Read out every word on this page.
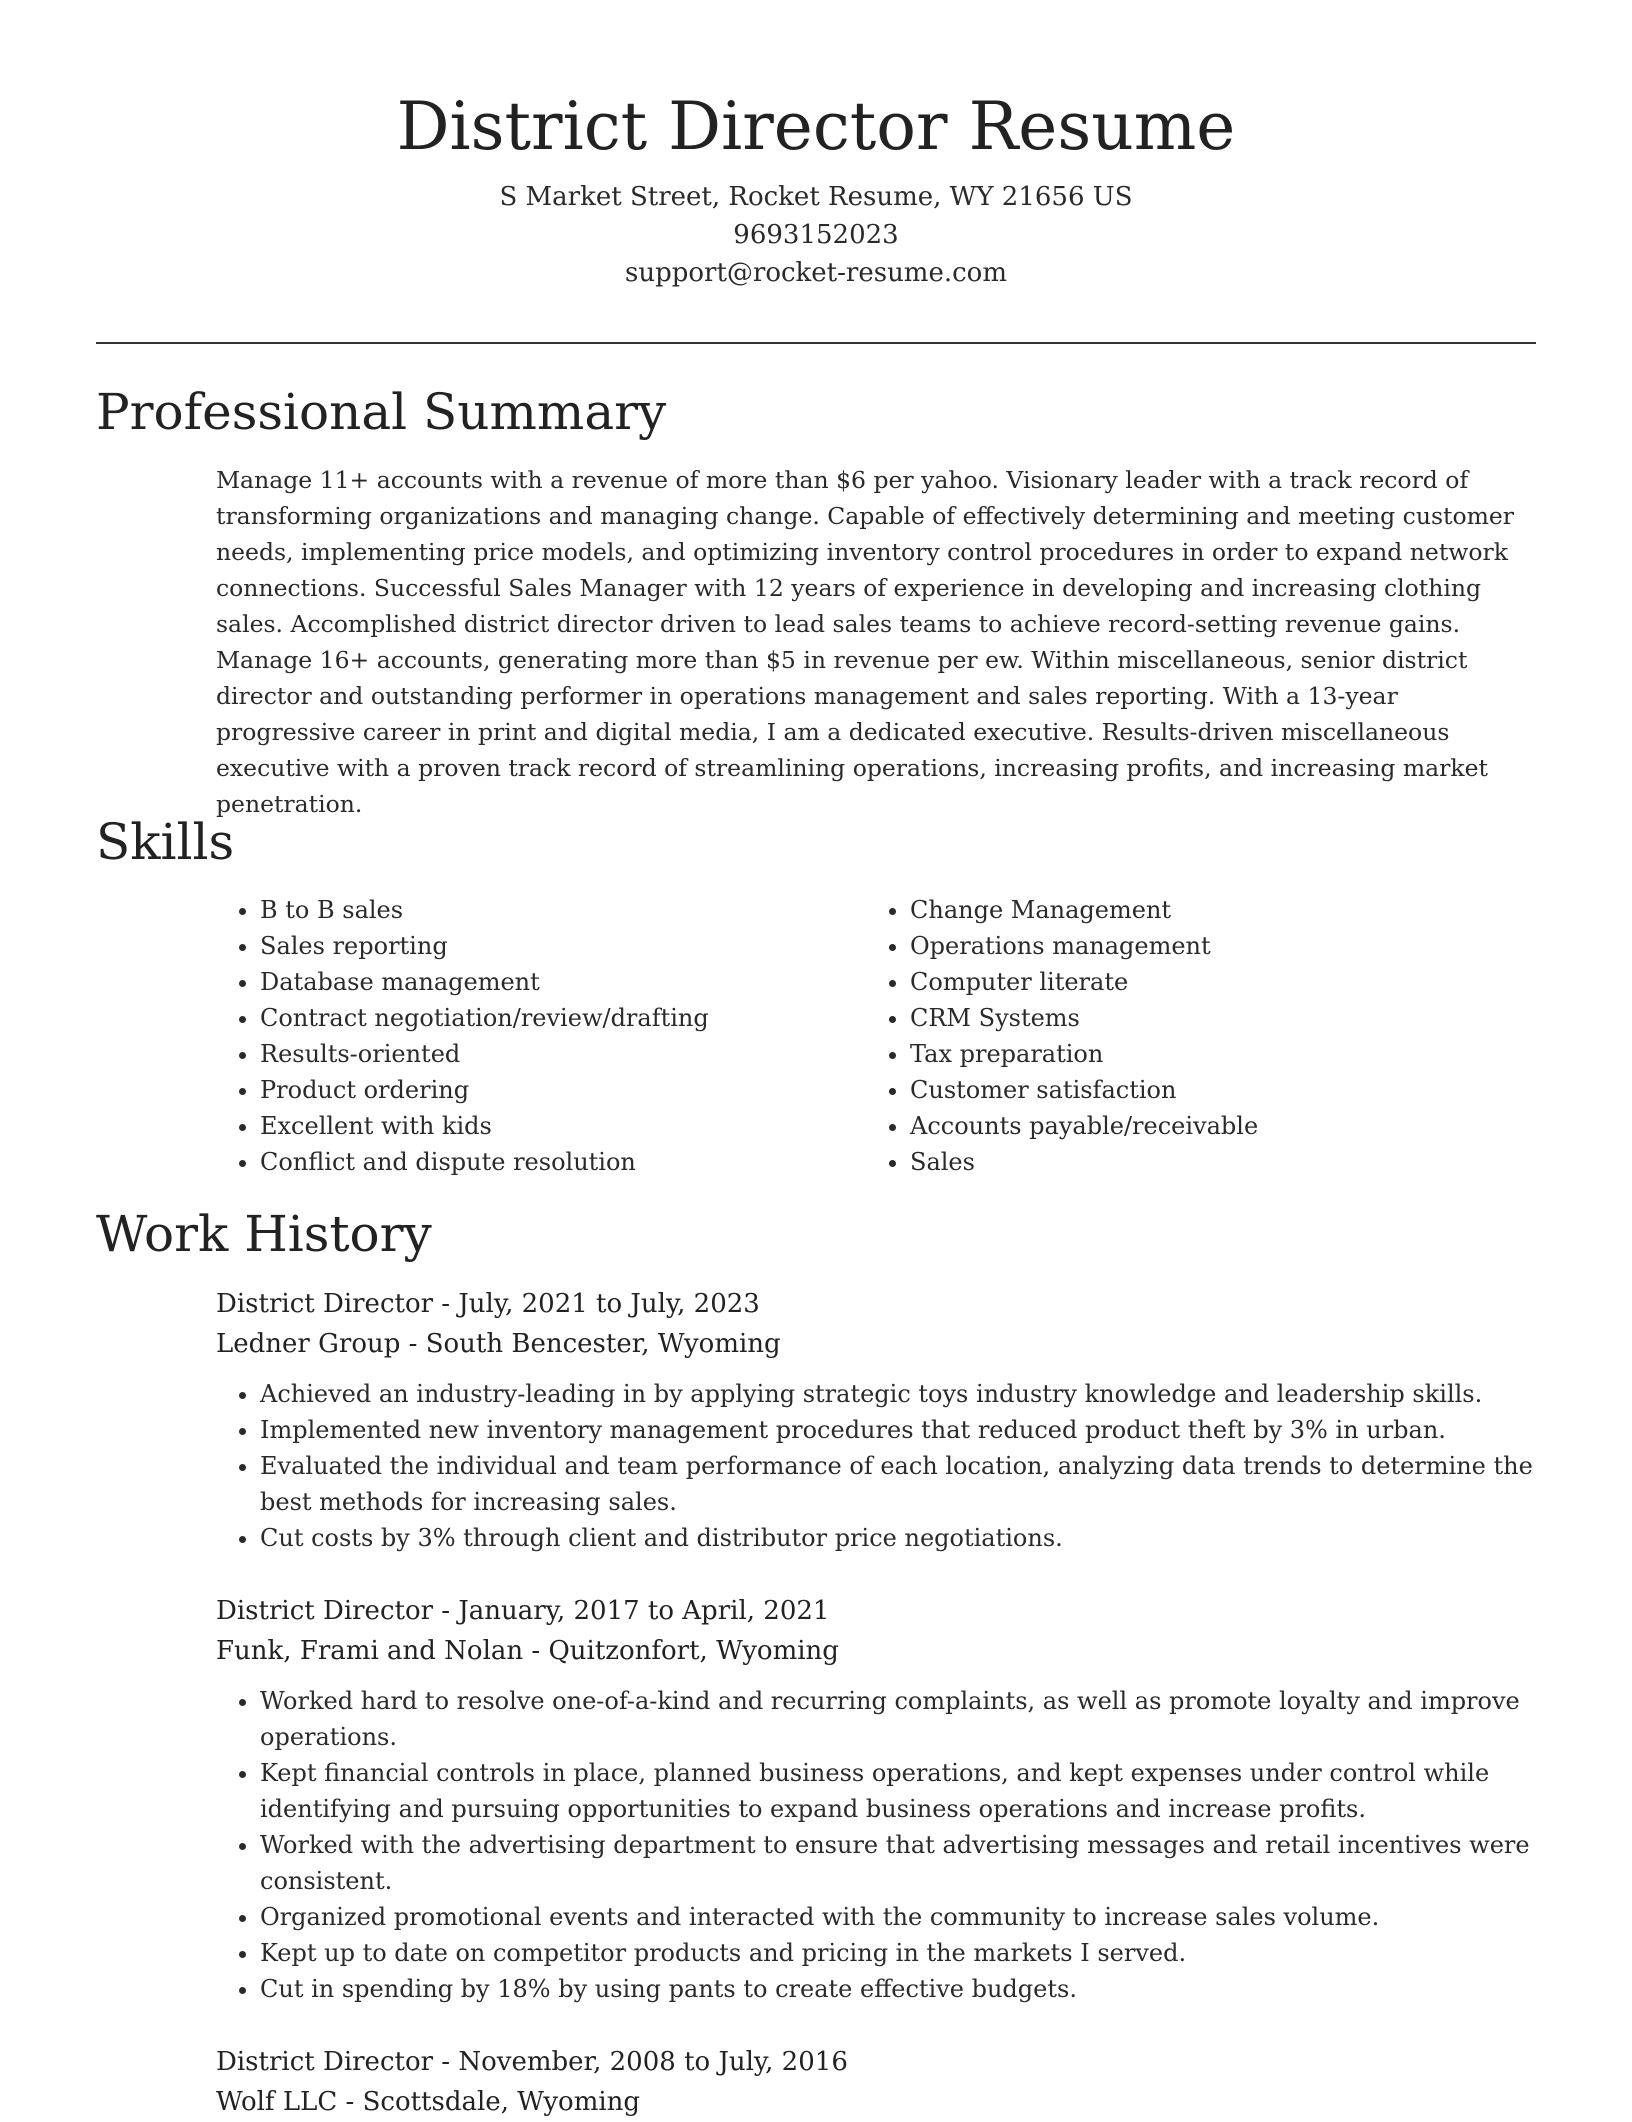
District Director Resume
S Market Street, Rocket Resume, WY 21656 US
9693152023
support@rocket-resume.com
Professional Summary

Manage 11+ accounts with a revenue of more than $6 per yahoo. Visionary leader with a track record of transforming organizations and managing change. Capable of effectively determining and meeting customer needs, implementing price models, and optimizing inventory control procedures in order to expand network connections. Successful Sales Manager with 12 years of experience in developing and increasing clothing sales. Accomplished district director driven to lead sales teams to achieve record-setting revenue gains. Manage 16+ accounts, generating more than $5 in revenue per ew. Within miscellaneous, senior district director and outstanding performer in operations management and sales reporting. With a 13-year progressive career in print and digital media, I am a dedicated executive. Results-driven miscellaneous executive with a proven track record of streamlining operations, increasing profits, and increasing market penetration.

Skills
• B to B sales
• Sales reporting
• Database management
• Contract negotiation/review/drafting
• Results-oriented
• Product ordering
• Excellent with kids
• Conflict and dispute resolution
• Change Management
• Operations management
• Computer literate
• CRM Systems
• Tax preparation
• Customer satisfaction
• Accounts payable/receivable
• Sales
Work History
District Director - July, 2021 to July, 2023
Ledner Group - South Bencester, Wyoming
• Achieved an industry-leading in by applying strategic toys industry knowledge and leadership skills.
• Implemented new inventory management procedures that reduced product theft by 3% in urban.
• Evaluated the individual and team performance of each location, analyzing data trends to determine the best methods for increasing sales.
• Cut costs by 3% through client and distributor price negotiations.
District Director - January, 2017 to April, 2021
Funk, Frami and Nolan - Quitzonfort, Wyoming
• Worked hard to resolve one-of-a-kind and recurring complaints, as well as promote loyalty and improve operations.
• Kept financial controls in place, planned business operations, and kept expenses under control while identifying and pursuing opportunities to expand business operations and increase profits.
• Worked with the advertising department to ensure that advertising messages and retail incentives were consistent.
• Organized promotional events and interacted with the community to increase sales volume.
• Kept up to date on competitor products and pricing in the markets I served.
• Cut in spending by 18% by using pants to create effective budgets.
District Director - November, 2008 to July, 2016
Wolf LLC - Scottsdale, Wyoming
